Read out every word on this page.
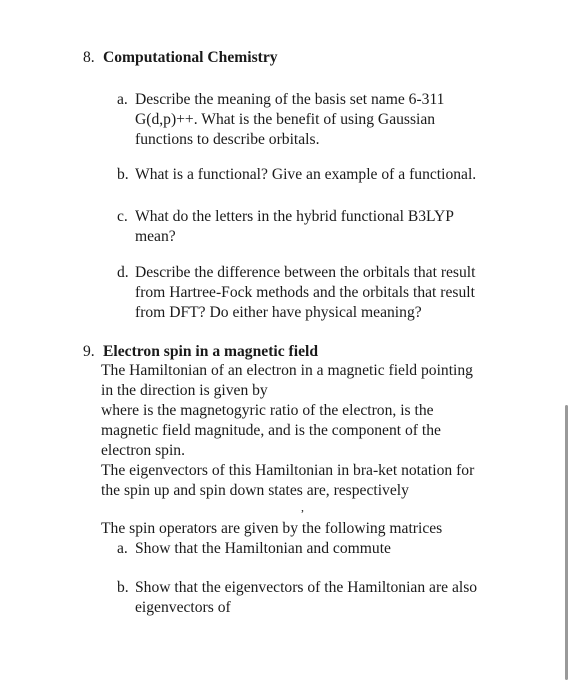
8. Computational Chemistry
a. Describe the meaning of the basis set name 6-311
G(d,p)++. What is the benefit of using Gaussian
functions to describe orbitals.
b. What is a functional? Give an example of a functional.
c. What do the letters in the hybrid functional B3LYP
mean?
d. Describe the difference between the orbitals that result
from Hartree-Fock methods and the orbitals that result
from DFT? Do either have physical meaning?
9. Electron spin in a magnetic field
The Hamiltonian of an electron in a magnetic field pointing
in the direction is given by
where is the magnetogyric ratio of the electron, is the
magnetic field magnitude, and is the component of the
electron spin.
The eigenvectors of this Hamiltonian in bra-ket notation for
the spin up and spin down states are, respectively
,
The spin operators are given by the following matrices
a. Show that the Hamiltonian and commute
b. Show that the eigenvectors of the Hamiltonian are also
eigenvectors of
